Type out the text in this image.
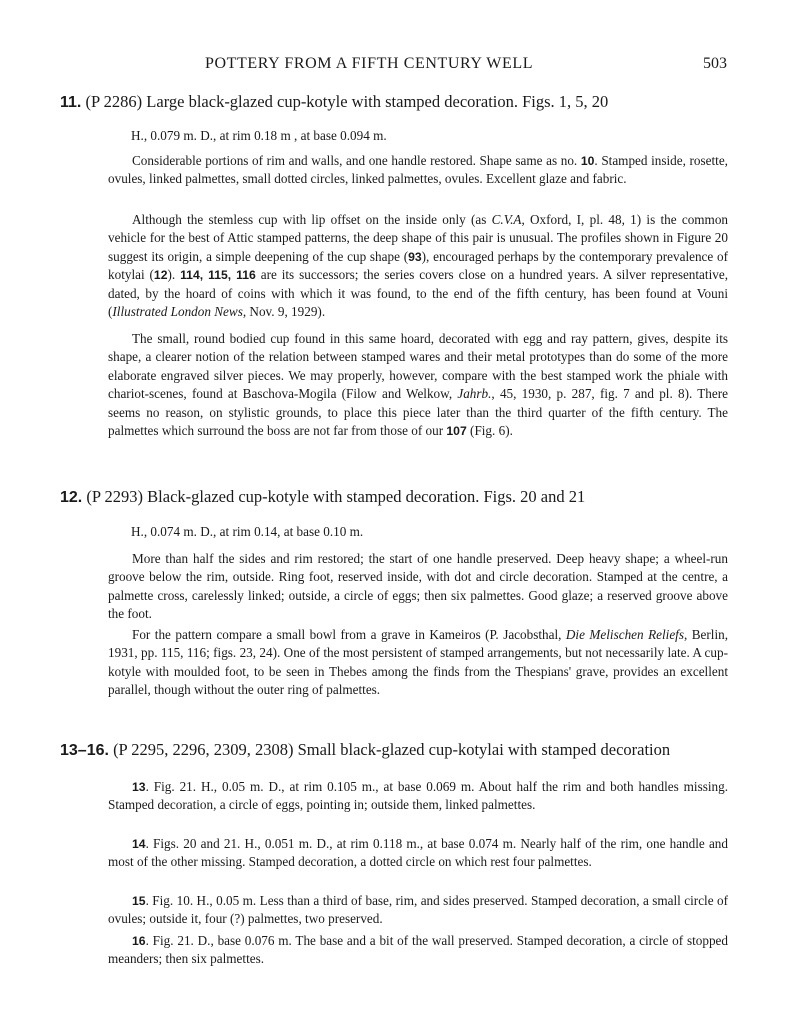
POTTERY FROM A FIFTH CENTURY WELL	503
11. (P 2286) Large black-glazed cup-kotyle with stamped decoration. Figs. 1, 5, 20
H., 0.079 m. D., at rim 0.18 m , at base 0.094 m.

Considerable portions of rim and walls, and one handle restored. Shape same as no. 10. Stamped inside, rosette, ovules, linked palmettes, small dotted circles, linked palmettes, ovules. Excellent glaze and fabric.

Although the stemless cup with lip offset on the inside only (as C.V.A, Oxford, I, pl. 48, 1) is the common vehicle for the best of Attic stamped patterns, the deep shape of this pair is unusual. The profiles shown in Figure 20 suggest its origin, a simple deepening of the cup shape (93), encouraged perhaps by the contemporary prevalence of kotylai (12). 114, 115, 116 are its successors; the series covers close on a hundred years. A silver representative, dated, by the hoard of coins with which it was found, to the end of the fifth century, has been found at Vouni (Illustrated London News, Nov. 9, 1929).

The small, round bodied cup found in this same hoard, decorated with egg and ray pattern, gives, despite its shape, a clearer notion of the relation between stamped wares and their metal prototypes than do some of the more elaborate engraved silver pieces. We may properly, however, compare with the best stamped work the phiale with chariot-scenes, found at Baschova-Mogila (Filow and Welkow, Jahrb., 45, 1930, p. 287, fig. 7 and pl. 8). There seems no reason, on stylistic grounds, to place this piece later than the third quarter of the fifth century. The palmettes which surround the boss are not far from those of our 107 (Fig. 6).

12. (P 2293) Black-glazed cup-kotyle with stamped decoration. Figs. 20 and 21
H., 0.074 m. D., at rim 0.14, at base 0.10 m.

More than half the sides and rim restored; the start of one handle preserved. Deep heavy shape; a wheel-run groove below the rim, outside. Ring foot, reserved inside, with dot and circle decoration. Stamped at the centre, a palmette cross, carelessly linked; outside, a circle of eggs; then six palmettes. Good glaze; a reserved groove above the foot.

For the pattern compare a small bowl from a grave in Kameiros (P. Jacobsthal, Die Melischen Reliefs, Berlin, 1931, pp. 115, 116; figs. 23, 24). One of the most persistent of stamped arrangements, but not necessarily late. A cup-kotyle with moulded foot, to be seen in Thebes among the finds from the Thespians' grave, provides an excellent parallel, though without the outer ring of palmettes.

13–16. (P 2295, 2296, 2309, 2308) Small black-glazed cup-kotylai with stamped decoration

13. Fig. 21. H., 0.05 m. D., at rim 0.105 m., at base 0.069 m. About half the rim and both handles missing. Stamped decoration, a circle of eggs, pointing in; outside them, linked palmettes.

14. Figs. 20 and 21. H., 0.051 m. D., at rim 0.118 m., at base 0.074 m. Nearly half of the rim, one handle and most of the other missing. Stamped decoration, a dotted circle on which rest four palmettes.

15. Fig. 10. H., 0.05 m. Less than a third of base, rim, and sides preserved. Stamped decoration, a small circle of ovules; outside it, four (?) palmettes, two preserved.

16. Fig. 21. D., base 0.076 m. The base and a bit of the wall preserved. Stamped decoration, a circle of stopped meanders; then six palmettes.
